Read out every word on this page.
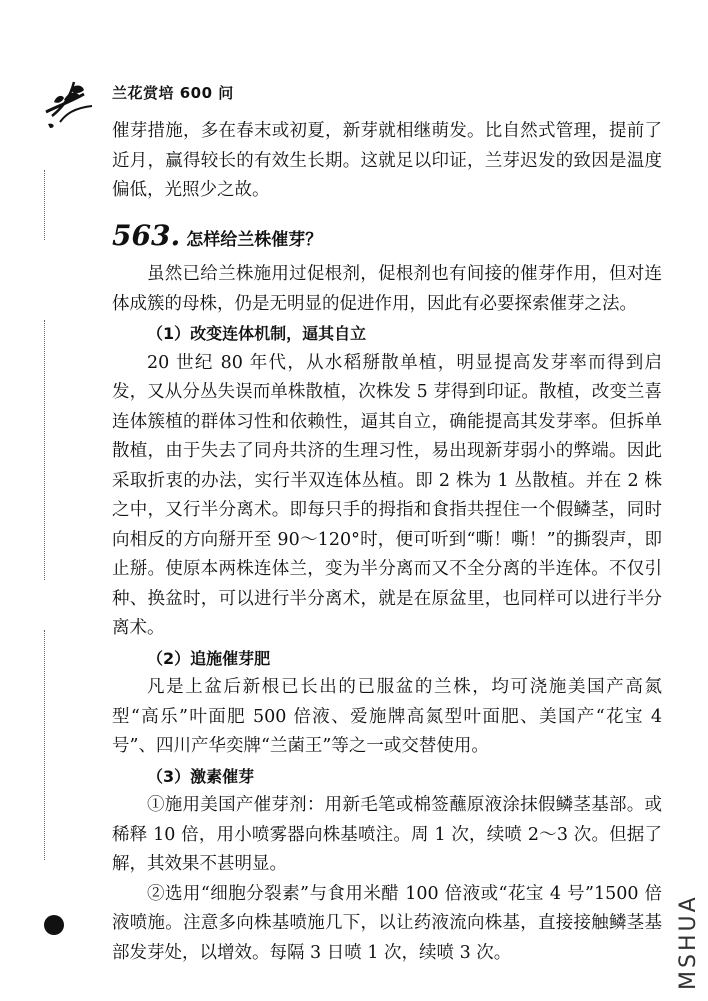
兰花赏培 600 问

催芽措施，多在春末或初夏，新芽就相继萌发。比自然式管理，提前了近月，赢得较长的有效生长期。这就足以印证，兰芽迟发的致因是温度偏低，光照少之故。

563. 怎样给兰株催芽？

虽然已给兰株施用过促根剂，促根剂也有间接的催芽作用，但对连体成簇的母株，仍是无明显的促进作用，因此有必要探索催芽之法。

（1）改变连体机制，逼其自立

20 世纪 80 年代，从水稻掰散单植，明显提高发芽率而得到启发，又从分丛失误而单株散植，次株发 5 芽得到印证。散植，改变兰喜连体簇植的群体习性和依赖性，逼其自立，确能提高其发芽率。但拆单散植，由于失去了同舟共济的生理习性，易出现新芽弱小的弊端。因此采取折衷的办法，实行半双连体丛植。即 2 株为 1 丛散植。并在 2 株之中，又行半分离术。即每只手的拇指和食指共捏住一个假鳞茎，同时向相反的方向掰开至 90～120°时，便可听到“嘶！嘶！”的撕裂声，即止掰。使原本两株连体兰，变为半分离而又不全分离的半连体。不仅引种、换盆时，可以进行半分离术，就是在原盆里，也同样可以进行半分离术。

（2）追施催芽肥

凡是上盆后新根已长出的已服盆的兰株，均可浇施美国产高氮型“高乐”叶面肥 500 倍液、爱施牌高氮型叶面肥、美国产“花宝 4 号”、四川产华奕牌“兰菌王”等之一或交替使用。

（3）激素催芽

①施用美国产催芽剂：用新毛笔或棉签蘸原液涂抹假鳞茎基部。或稀释 10 倍，用小喷雾器向株基喷注。周 1 次，续喷 2～3 次。但据了解，其效果不甚明显。

②选用“细胞分裂素”与食用米醋 100 倍液或“花宝 4 号”1500 倍液喷施。注意多向株基喷施几下，以让药液流向株基，直接接触鳞茎基部发芽处，以增效。每隔 3 日喷 1 次，续喷 3 次。	MSHUA
